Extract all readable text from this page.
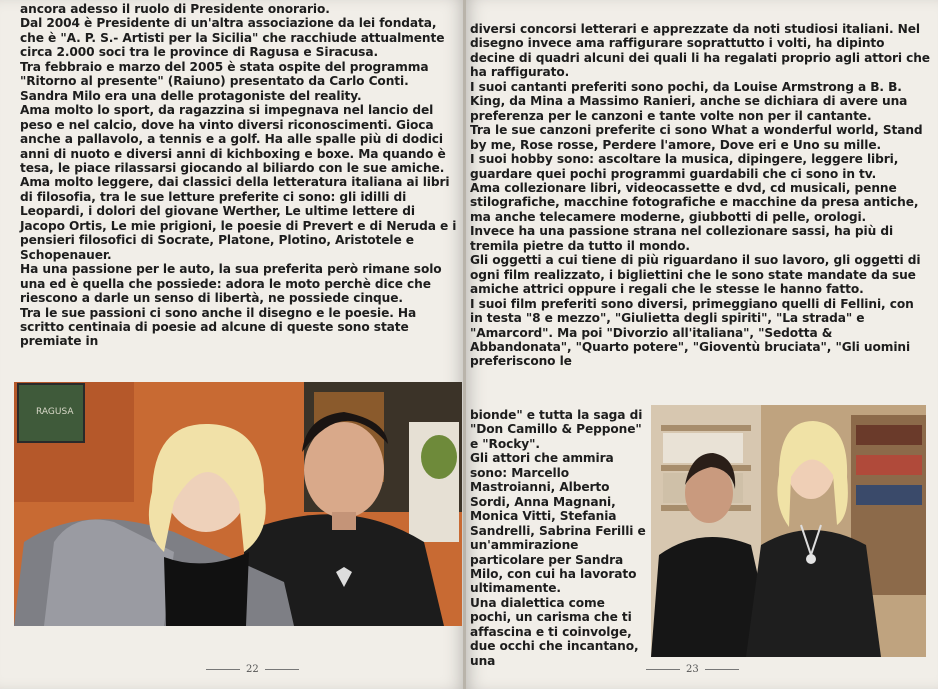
ancora adesso il ruolo di Presidente onorario.

Dal 2004 è Presidente di un'altra associazione da lei fondata, che è "A. P. S.- Artisti per la Sicilia" che racchiude attualmente circa 2.000 soci tra le province di Ragusa e Siracusa.

Tra febbraio e marzo del 2005 è stata ospite del programma "Ritorno al presente" (Raiuno) presentato da Carlo Conti. Sandra Milo era una delle protagoniste del reality.

Ama molto lo sport, da ragazzina si impegnava nel lancio del peso e nel calcio, dove ha vinto diversi riconoscimenti. Gioca anche a pallavolo, a tennis e a golf. Ha alle spalle più di dodici anni di nuoto e diversi anni di kichboxing e boxe. Ma quando è tesa, le piace rilassarsi giocando al biliardo con le sue amiche.

Ama molto leggere, dai classici della letteratura italiana ai libri di filosofia, tra le sue letture preferite ci sono: gli idilli di Leopardi, i dolori del giovane Werther, Le ultime lettere di Jacopo Ortis, Le mie prigioni, le poesie di Prevert e di Neruda e i pensieri filosofici di Socrate, Platone, Plotino, Aristotele e Schopenauer.

Ha una passione per le auto, la sua preferita però rimane solo una ed è quella che possiede: adora le moto perchè dice che riescono a darle un senso di libertà, ne possiede cinque.

Tra le sue passioni ci sono anche il disegno e le poesie. Ha scritto centinaia di poesie ad alcune di queste sono state premiate in

RAGUSA
22

diversi concorsi letterari e apprezzate da noti studiosi italiani. Nel disegno invece ama raffigurare soprattutto i volti, ha dipinto decine di quadri alcuni dei quali li ha regalati proprio agli attori che ha raffigurato.

I suoi cantanti preferiti sono pochi, da Louise Armstrong a B. B. King, da Mina a Massimo Ranieri, anche se dichiara di avere una preferenza per le canzoni e tante volte non per il cantante.

Tra le sue canzoni preferite ci sono What a wonderful world, Stand by me, Rose rosse, Perdere l'amore, Dove eri e Uno su mille.

I suoi hobby sono: ascoltare la musica, dipingere, leggere libri, guardare quei pochi programmi guardabili che ci sono in tv.

Ama collezionare libri, videocassette e dvd, cd musicali, penne stilografiche, macchine fotografiche e macchine da presa antiche, ma anche telecamere moderne, giubbotti di pelle, orologi.

Invece ha una passione strana nel collezionare sassi, ha più di tremila pietre da tutto il mondo.

Gli oggetti a cui tiene di più riguardano il suo lavoro, gli oggetti di ogni film realizzato, i bigliettini che le sono state mandate da sue amiche attrici oppure i regali che le stesse le hanno fatto.

I suoi film preferiti sono diversi, primeggiano quelli di Fellini, con in testa "8 e mezzo", "Giulietta degli spiriti", "La strada" e "Amarcord". Ma poi "Divorzio all'italiana", "Sedotta & Abbandonata", "Quarto potere", "Gioventù bruciata", "Gli uomini preferiscono le

bionde" e tutta la saga di "Don Camillo & Peppone" e "Rocky".

Gli attori che ammira sono: Marcello Mastroianni, Alberto Sordi, Anna Magnani, Monica Vitti, Stefania Sandrelli, Sabrina Ferilli e un'ammirazione particolare per Sandra Milo, con cui ha lavorato ultimamente.

Una dialettica come pochi, un carisma che ti affascina e ti coinvolge, due occhi che incantano, una

23
